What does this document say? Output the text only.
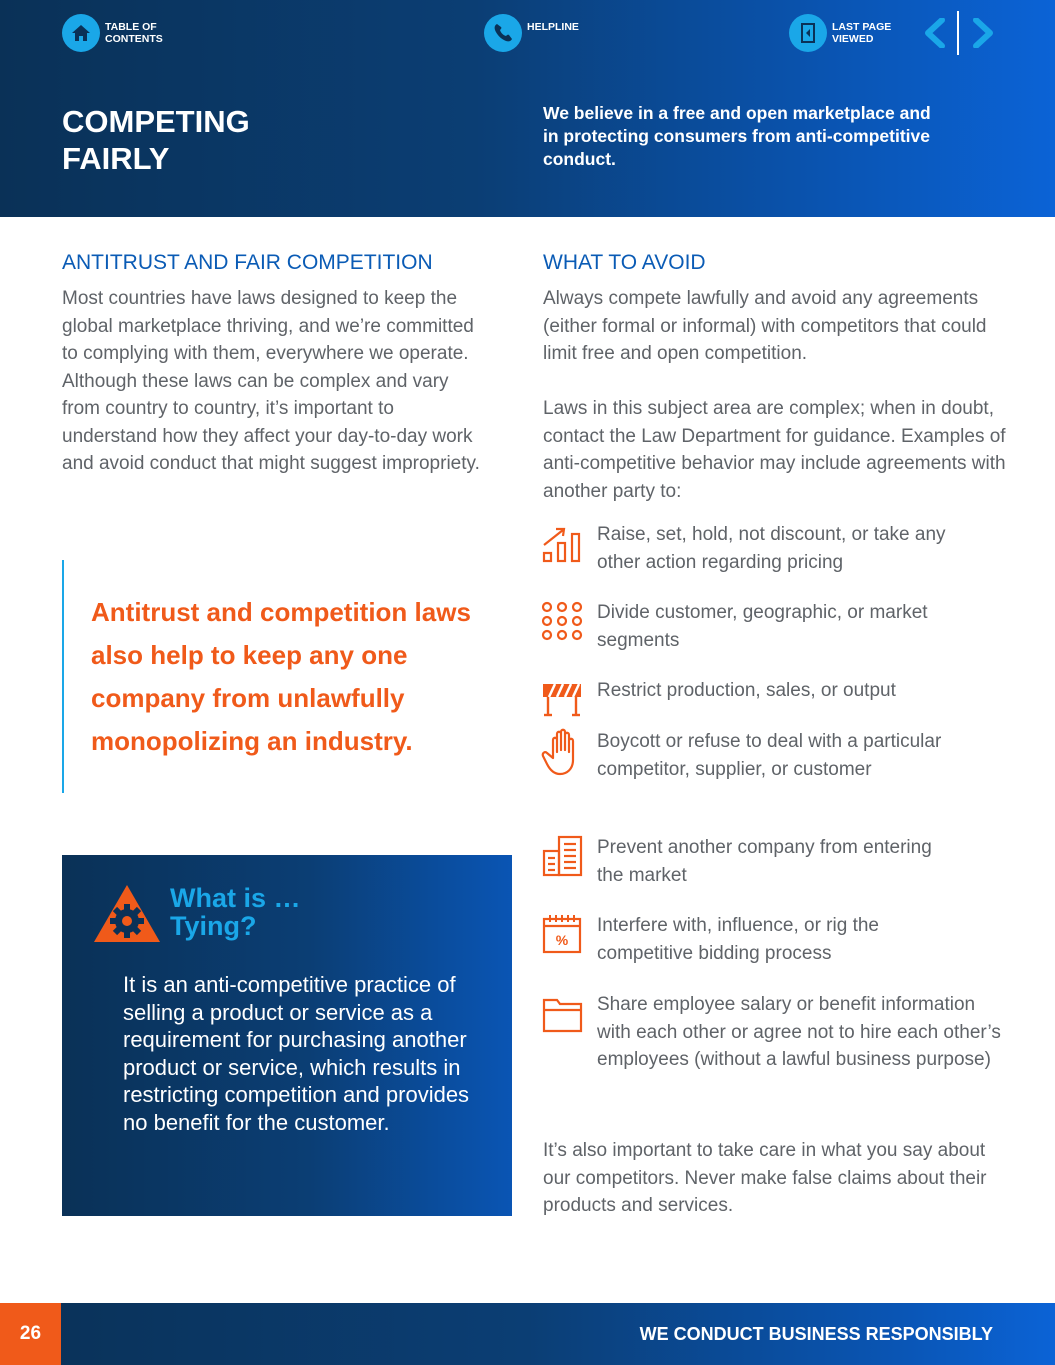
TABLE OF CONTENTS
HELPLINE	LAST PAGE VIEWED
COMPETING
FAIRLY
We believe in a free and open marketplace and in protecting consumers from anti-competitive conduct.
ANTITRUST AND FAIR COMPETITION
Most countries have laws designed to keep the global marketplace thriving, and we’re committed to complying with them, everywhere we operate. Although these laws can be complex and vary from country to country, it’s important to understand how they affect your day-to-day work and avoid conduct that might suggest impropriety.
Antitrust and competition laws also help to keep any one company from unlawfully monopolizing an industry.
What is …
Tying?
It is an anti-competitive practice of selling a product or service as a requirement for purchasing another product or service, which results in restricting competition and provides no benefit for the customer.
WHAT TO AVOID
Always compete lawfully and avoid any agreements (either formal or informal) with competitors that could limit free and open competition.
Laws in this subject area are complex; when in doubt, contact the Law Department for guidance. Examples of anti-competitive behavior may include agreements with another party to:
Raise, set, hold, not discount, or take any other action regarding pricing
Divide customer, geographic, or market segments
Restrict production, sales, or output
Boycott or refuse to deal with a particular competitor, supplier, or customer
Prevent another company from entering the market
%
Interfere with, influence, or rig the competitive bidding process
Share employee salary or benefit information with each other or agree not to hire each other’s employees (without a lawful business purpose)
It’s also important to take care in what you say about our competitors. Never make false claims about their products and services.
26	WE CONDUCT BUSINESS RESPONSIBLY
